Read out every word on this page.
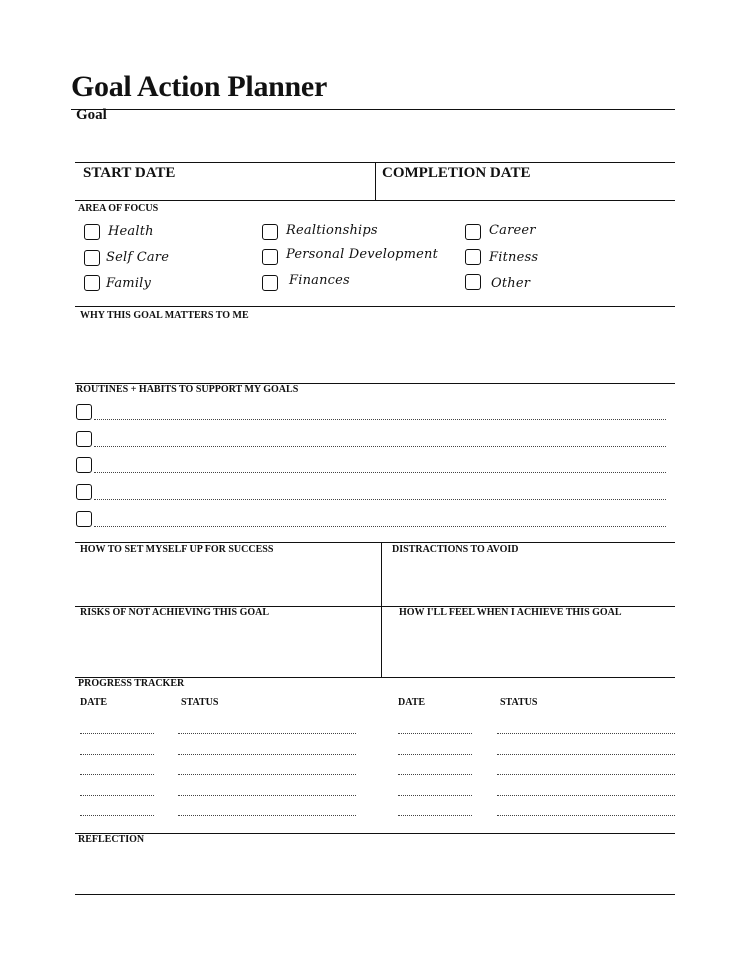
Goal Action Planner
Goal
START DATE	COMPLETION DATE
AREA OF FOCUS
Health
Self Care
Family
Realtionships
Personal Development
Finances
Career
Fitness
Other
WHY THIS GOAL MATTERS TO ME
ROUTINES + HABITS TO SUPPORT MY GOALS
HOW TO SET MYSELF UP FOR SUCCESS	DISTRACTIONS TO AVOID
RISKS OF NOT ACHIEVING THIS GOAL	HOW I'LL FEEL WHEN I ACHIEVE THIS GOAL
PROGRESS TRACKER
DATE	STATUS	DATE	STATUS
REFLECTION
